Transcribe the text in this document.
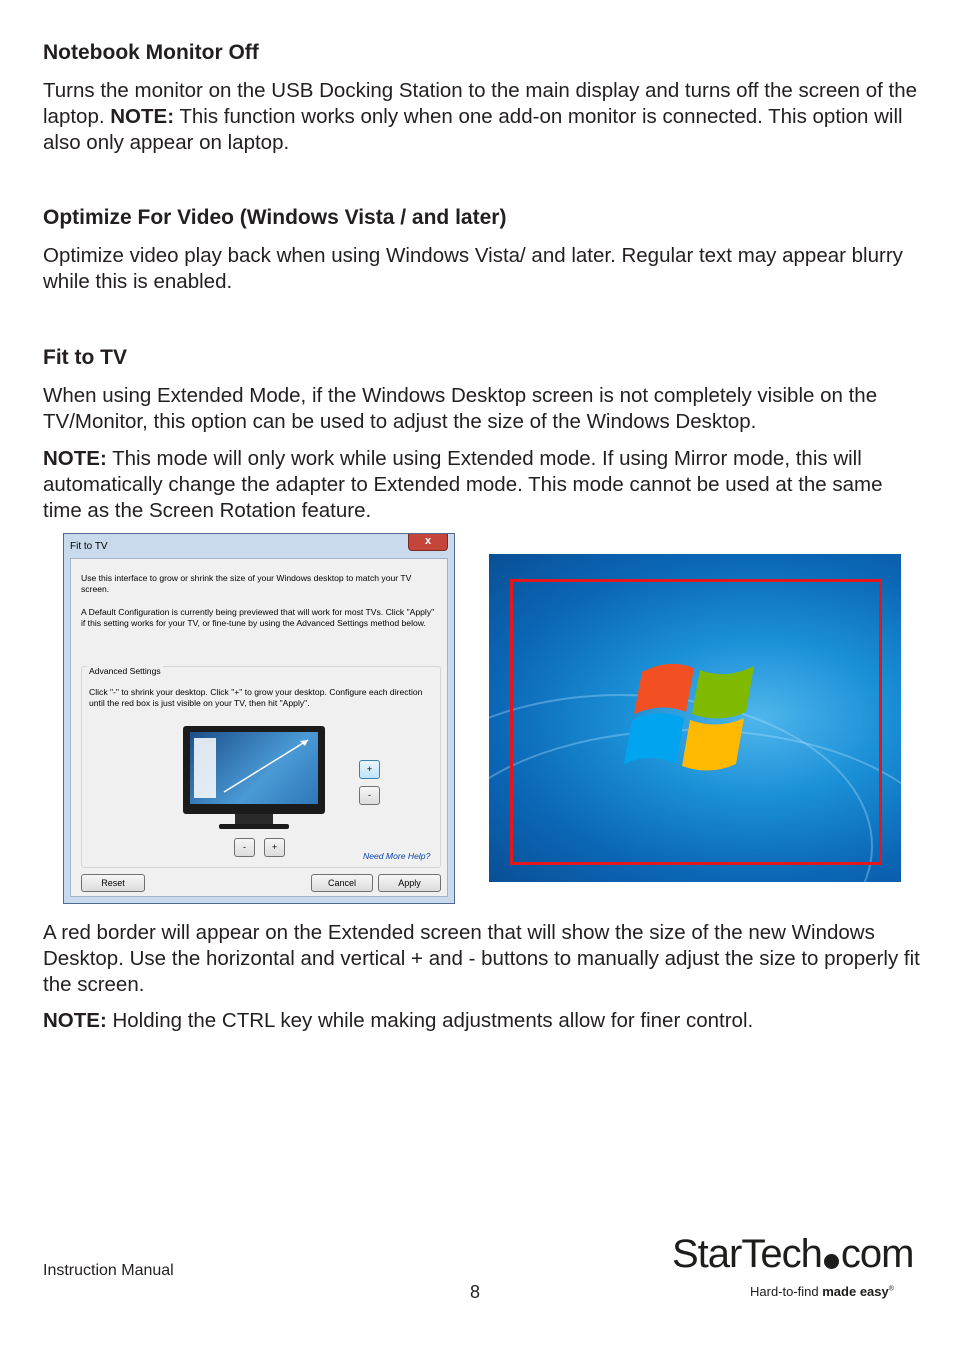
Notebook Monitor Off

Turns the monitor on the USB Docking Station to the main display and turns off the screen of the laptop. NOTE: This function works only when one add-on monitor is connected. This option will also only appear on laptop.

Optimize For Video (Windows Vista / and later)

Optimize video play back when using Windows Vista/ and later. Regular text may appear blurry while this is enabled.

Fit to TV

When using Extended Mode, if the Windows Desktop screen is not completely visible on the TV/Monitor, this option can be used to adjust the size of the Windows Desktop.

NOTE: This mode will only work while using Extended mode. If using Mirror mode, this will automatically change the adapter to Extended mode. This mode cannot be used at the same time as the Screen Rotation feature.

Fit to TV	x
Use this interface to grow or shrink the size of your Windows desktop to match your TV screen.
A Default Configuration is currently being previewed that will work for most TVs. Click "Apply" if this setting works for your TV, or fine-tune by using the Advanced Settings method below.
Advanced Settings
Click "-" to shrink your desktop. Click "+" to grow your desktop. Configure each direction until the red box is just visible on your TV, then hit "Apply".
+
-
-	+
Need More Help?
Reset	Cancel	Apply

A red border will appear on the Extended screen that will show the size of the new Windows Desktop. Use the horizontal and vertical + and - buttons to manually adjust the size to properly fit the screen.

NOTE: Holding the CTRL key while making adjustments allow for finer control.

Instruction Manual
8
StarTech com
Hard-to-find made easy®
